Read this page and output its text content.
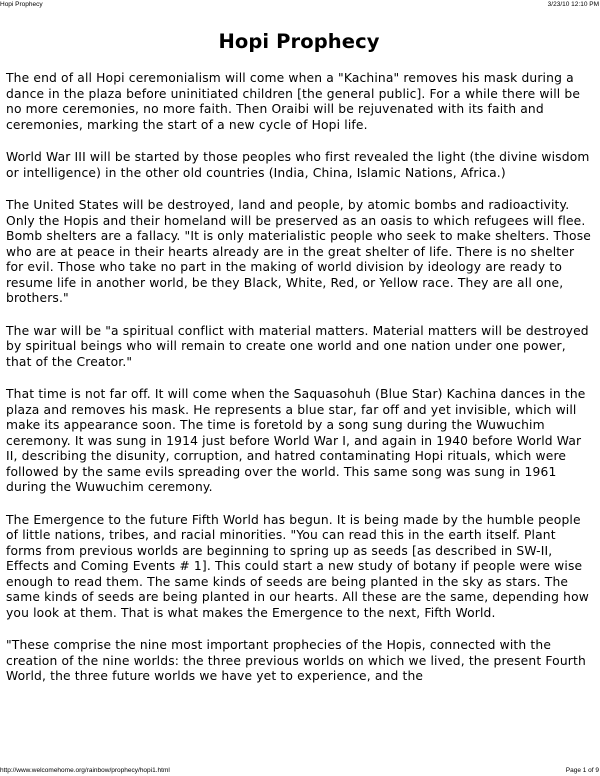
Hopi Prophecy	3/23/10 12:10 PM
Hopi Prophecy

The end of all Hopi ceremonialism will come when a "Kachina" removes his mask during a dance in the plaza before uninitiated children [the general public]. For a while there will be no more ceremonies, no more faith. Then Oraibi will be rejuvenated with its faith and ceremonies, marking the start of a new cycle of Hopi life.

World War III will be started by those peoples who first revealed the light (the divine wisdom or intelligence) in the other old countries (India, China, Islamic Nations, Africa.)

The United States will be destroyed, land and people, by atomic bombs and radioactivity. Only the Hopis and their homeland will be preserved as an oasis to which refugees will flee. Bomb shelters are a fallacy. "It is only materialistic people who seek to make shelters. Those who are at peace in their hearts already are in the great shelter of life. There is no shelter for evil. Those who take no part in the making of world division by ideology are ready to resume life in another world, be they Black, White, Red, or Yellow race. They are all one, brothers."

The war will be "a spiritual conflict with material matters. Material matters will be destroyed by spiritual beings who will remain to create one world and one nation under one power, that of the Creator."

That time is not far off. It will come when the Saquasohuh (Blue Star) Kachina dances in the plaza and removes his mask. He represents a blue star, far off and yet invisible, which will make its appearance soon. The time is foretold by a song sung during the Wuwuchim ceremony. It was sung in 1914 just before World War I, and again in 1940 before World War II, describing the disunity, corruption, and hatred contaminating Hopi rituals, which were followed by the same evils spreading over the world. This same song was sung in 1961 during the Wuwuchim ceremony.

The Emergence to the future Fifth World has begun. It is being made by the humble people of little nations, tribes, and racial minorities. "You can read this in the earth itself. Plant forms from previous worlds are beginning to spring up as seeds [as described in SW-II, Effects and Coming Events # 1]. This could start a new study of botany if people were wise enough to read them. The same kinds of seeds are being planted in the sky as stars. The same kinds of seeds are being planted in our hearts. All these are the same, depending how you look at them. That is what makes the Emergence to the next, Fifth World.

"These comprise the nine most important prophecies of the Hopis, connected with the creation of the nine worlds: the three previous worlds on which we lived, the present Fourth World, the three future worlds we have yet to experience, and the

http://www.welcomehome.org/rainbow/prophecy/hopi1.html	Page 1 of 9
